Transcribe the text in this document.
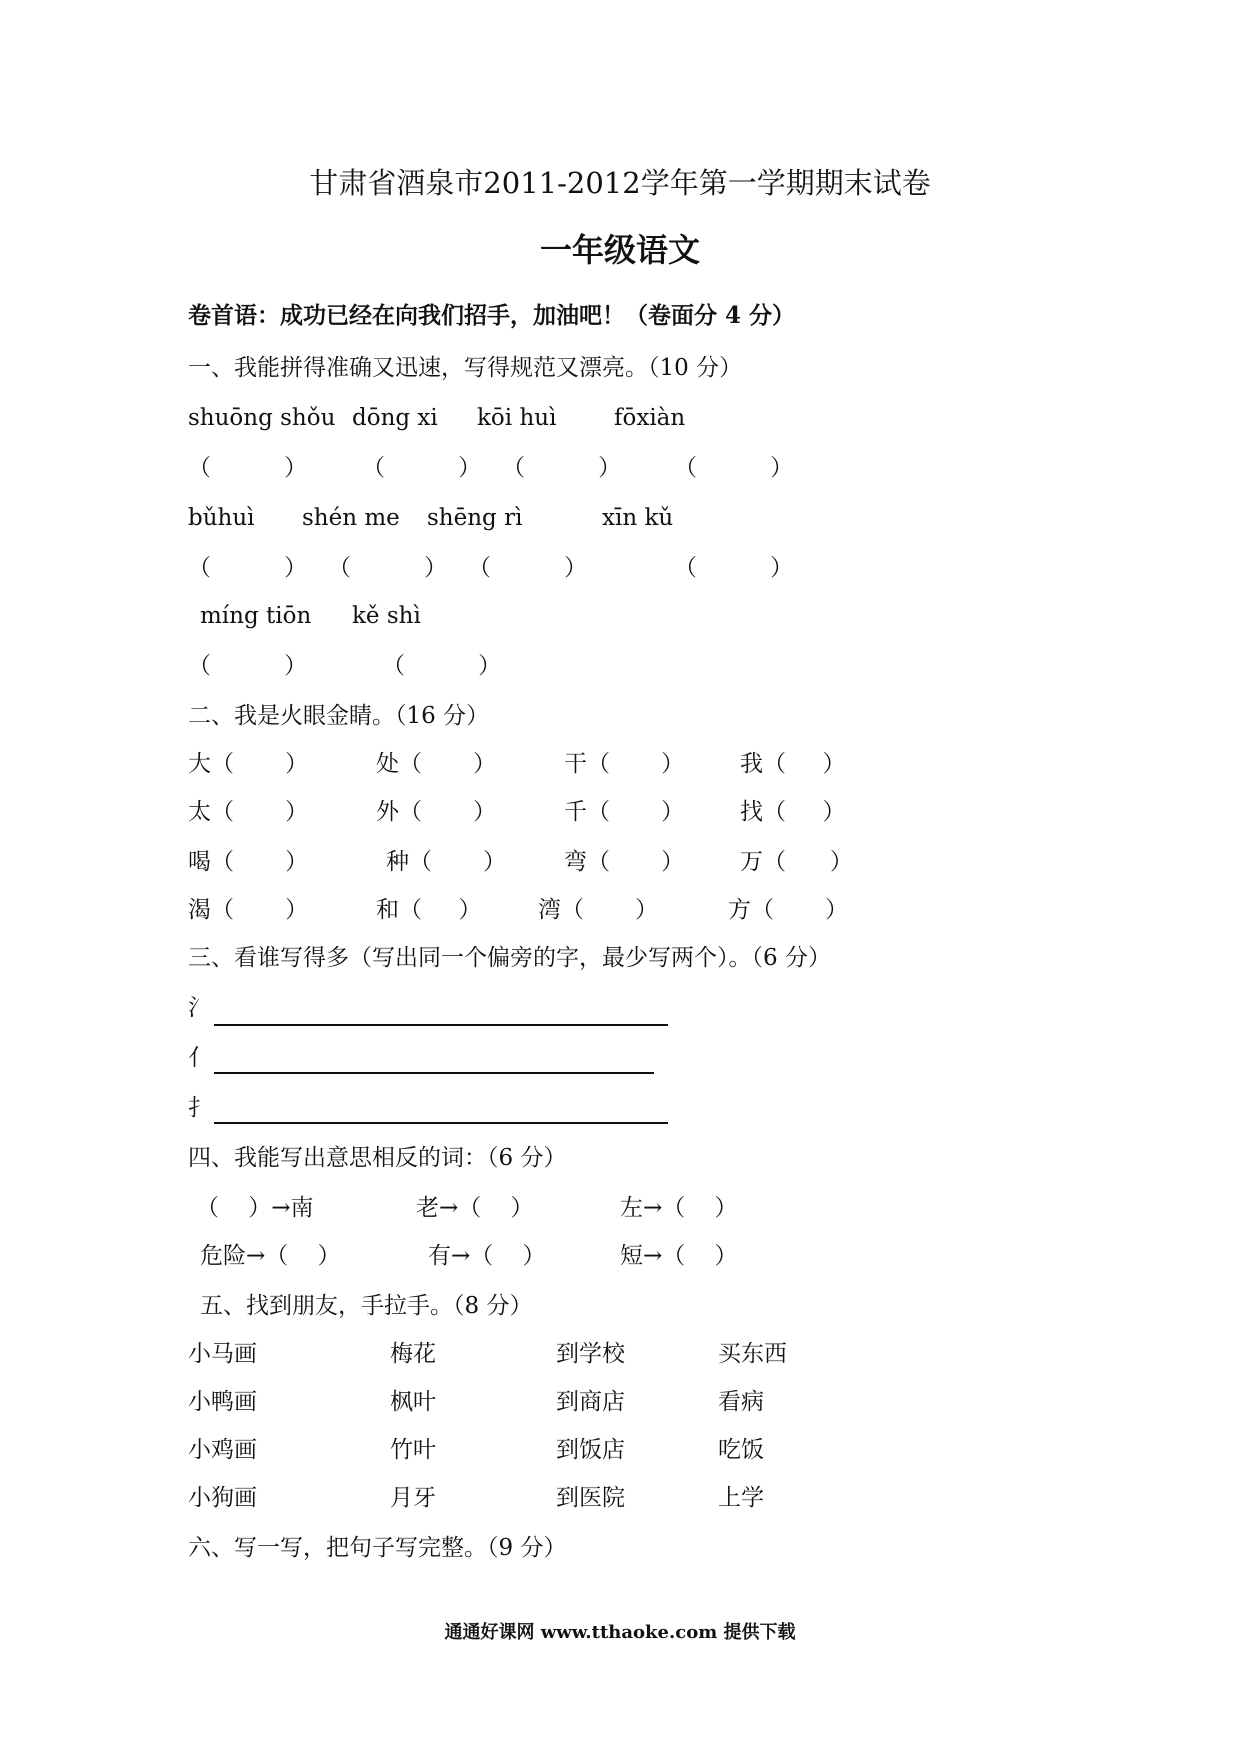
甘肃省酒泉市2011-2012学年第一学期期末试卷
一年级语文
卷首语：成功已经在向我们招手，加油吧！（卷面分 4 分）
一、我能拼得准确又迅速，写得规范又漂亮。（10 分）
shuōng shǒu dōng xi kōi huì	fōxiàn
（          ） （          ） （          ） （          ）
bǔhuì shén me shēng rì	xīn kǔ
（          ） （          ） （          ）	（          ）
míng tiōn kě shì
（          ）	（          ）
二、我是火眼金睛。（16 分）
大（       ）	处（       ）	干（       ） 我（     ）
太（       ）	外（       ）	千（       ） 找（     ）
喝（       ）	种（       ）	弯（       ） 万（      ）
渴（       ）	和（     ） 湾（       ）	方（       ）
三、看谁写得多（写出同一个偏旁的字，最少写两个）。（6 分）
氵
亻
扌
四、我能写出意思相反的词：（6 分）
（    ）→南	老→（    ）	左→（    ）
危险→（    ）	有→（    ）	短→（    ）
五、找到朋友，手拉手。（8 分）
小马画	梅花	到学校	买东西
小鸭画	枫叶	到商店	看病
小鸡画	竹叶	到饭店	吃饭
小狗画	月牙	到医院	上学
六、写一写，把句子写完整。（9 分）
通通好课网 www.tthaoke.com 提供下载
